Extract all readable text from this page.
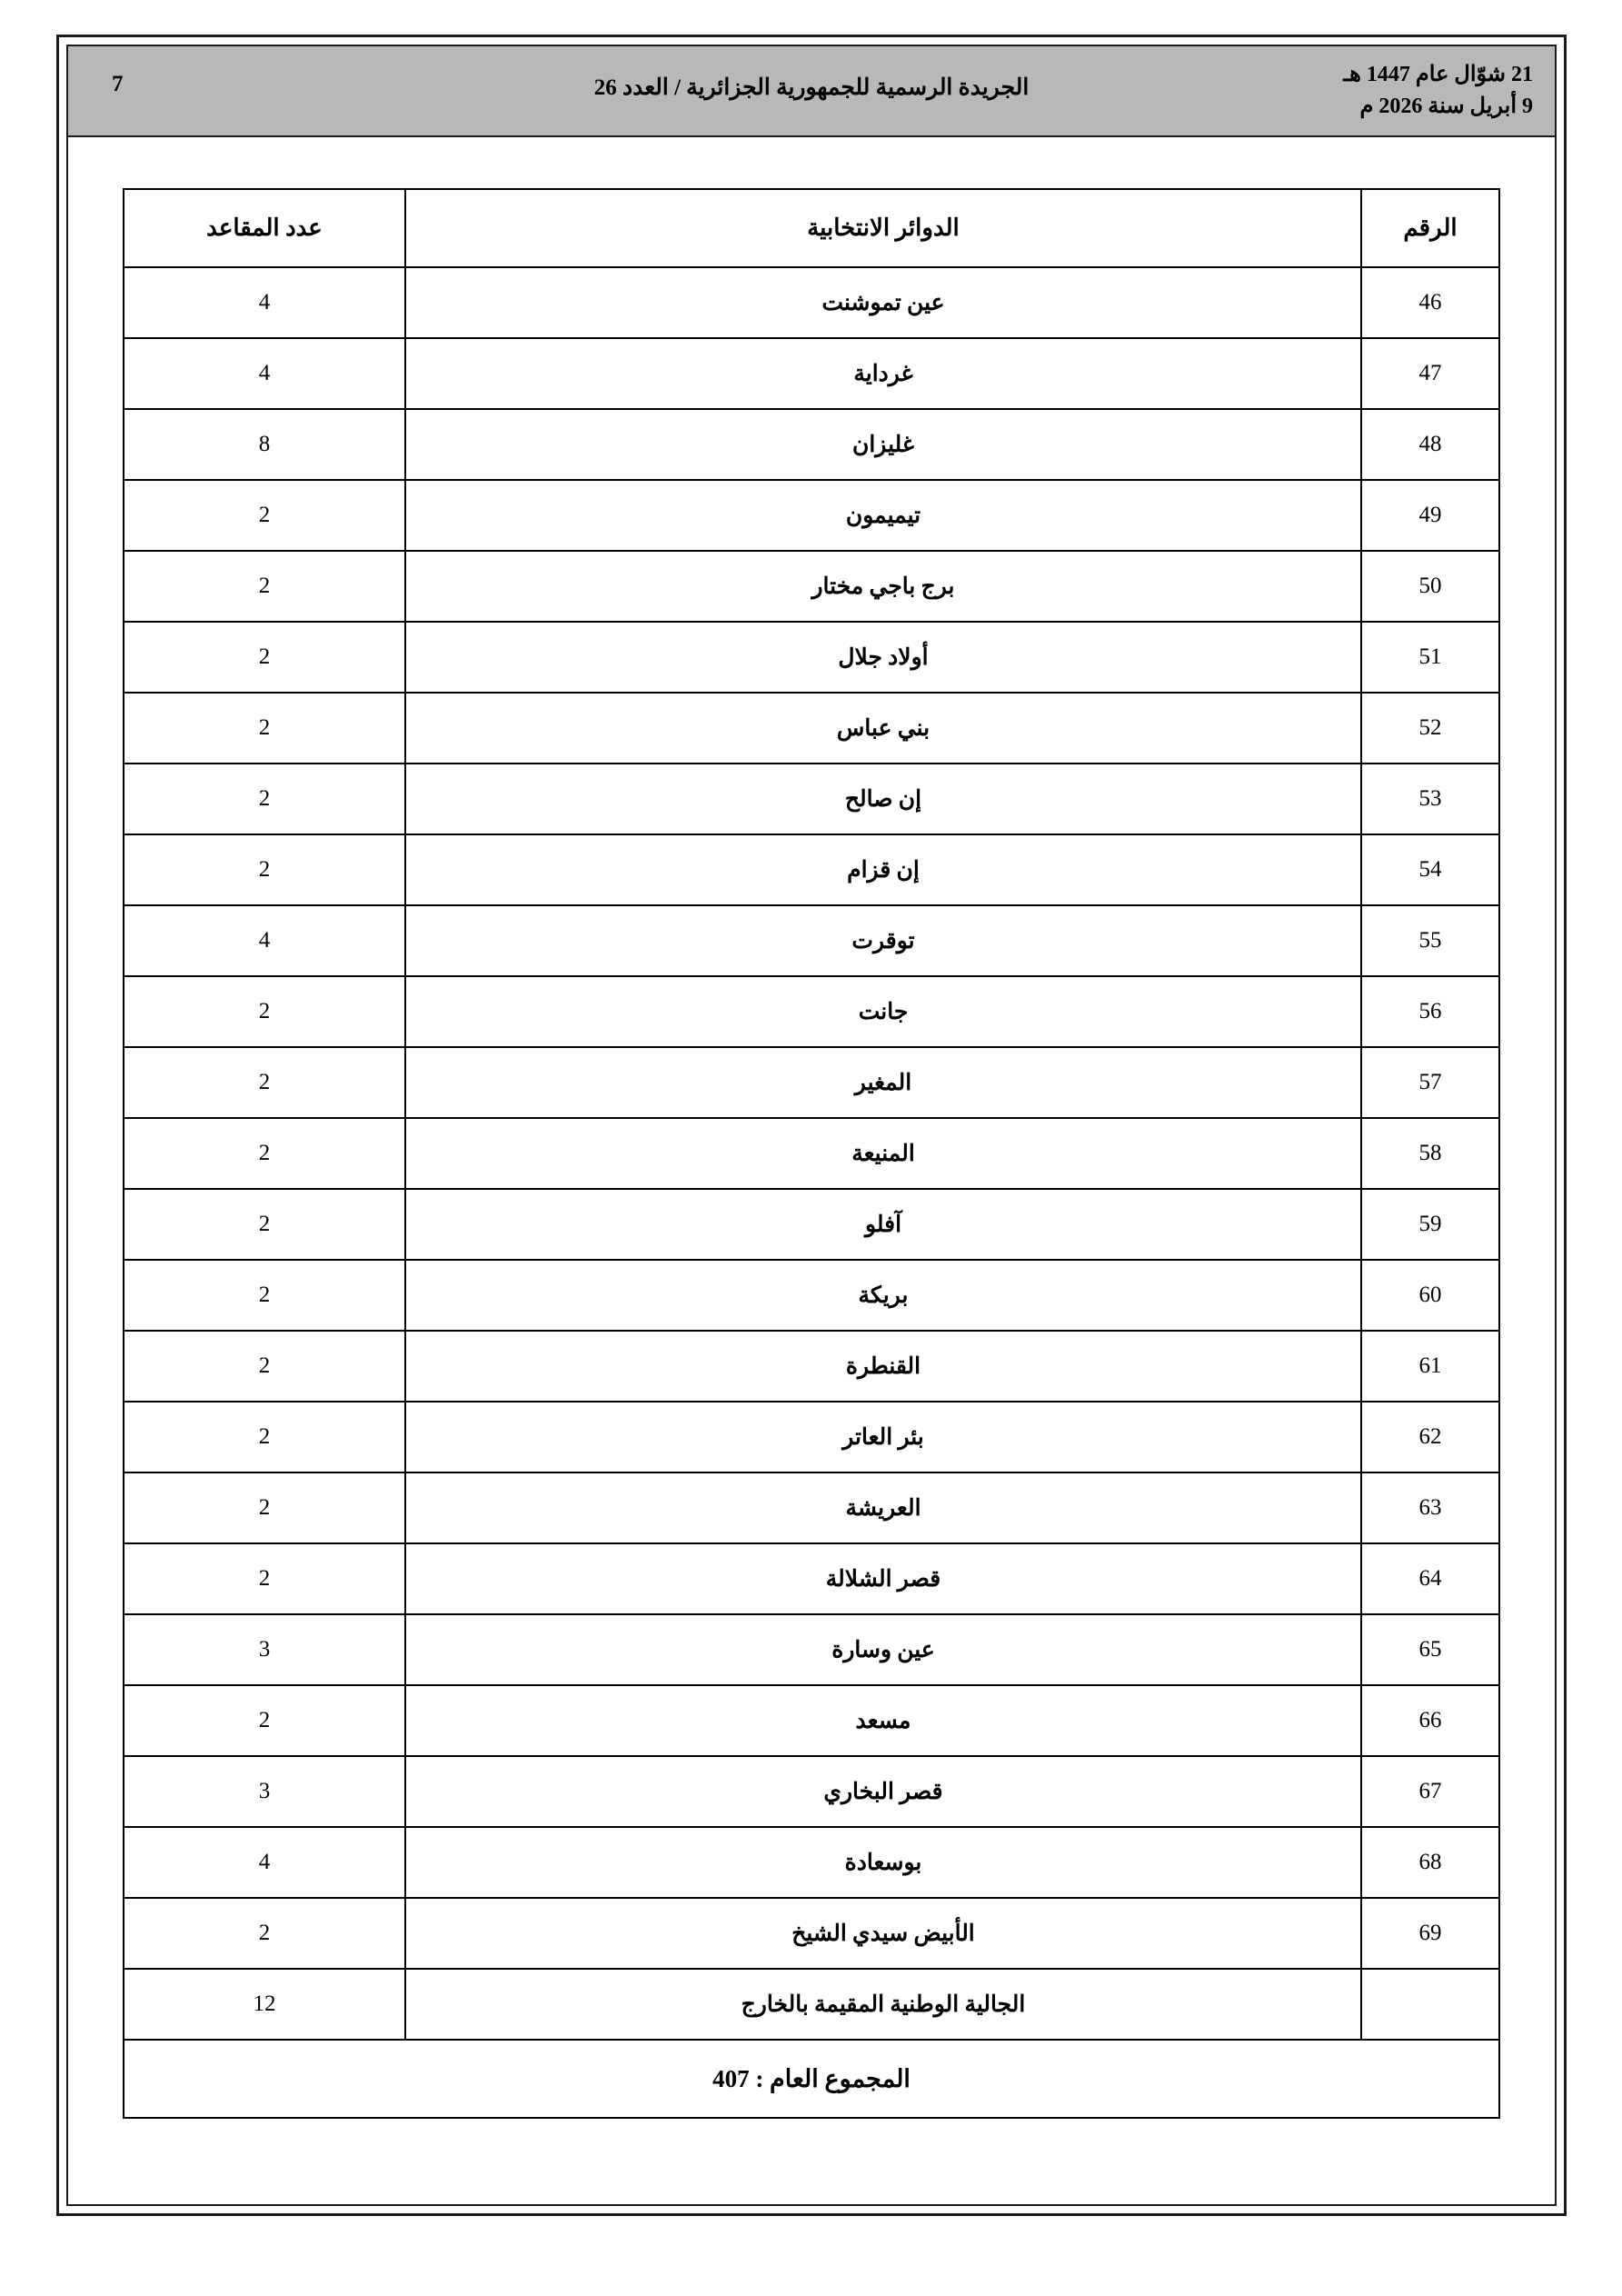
7	الجريدة الرسمية للجمهورية الجزائرية / العدد 26
21 شوّال عام 1447 هـ
9 أبريل سنة 2026 م
الرقم	الدوائر الانتخابية	عدد المقاعد
46	عين تموشنت	4
47	غرداية	4
48	غليزان	8
49	تيميمون	2
50	برج باجي مختار	2
51	أولاد جلال	2
52	بني عباس	2
53	إن صالح	2
54	إن قزام	2
55	توقرت	4
56	جانت	2
57	المغير	2
58	المنيعة	2
59	آفلو	2
60	بريكة	2
61	القنطرة	2
62	بئر العاتر	2
63	العريشة	2
64	قصر الشلالة	2
65	عين وسارة	3
66	مسعد	2
67	قصر البخاري	3
68	بوسعادة	4
69	الأبيض سيدي الشيخ	2
	الجالية الوطنية المقيمة بالخارج	12
المجموع العام : 407		
